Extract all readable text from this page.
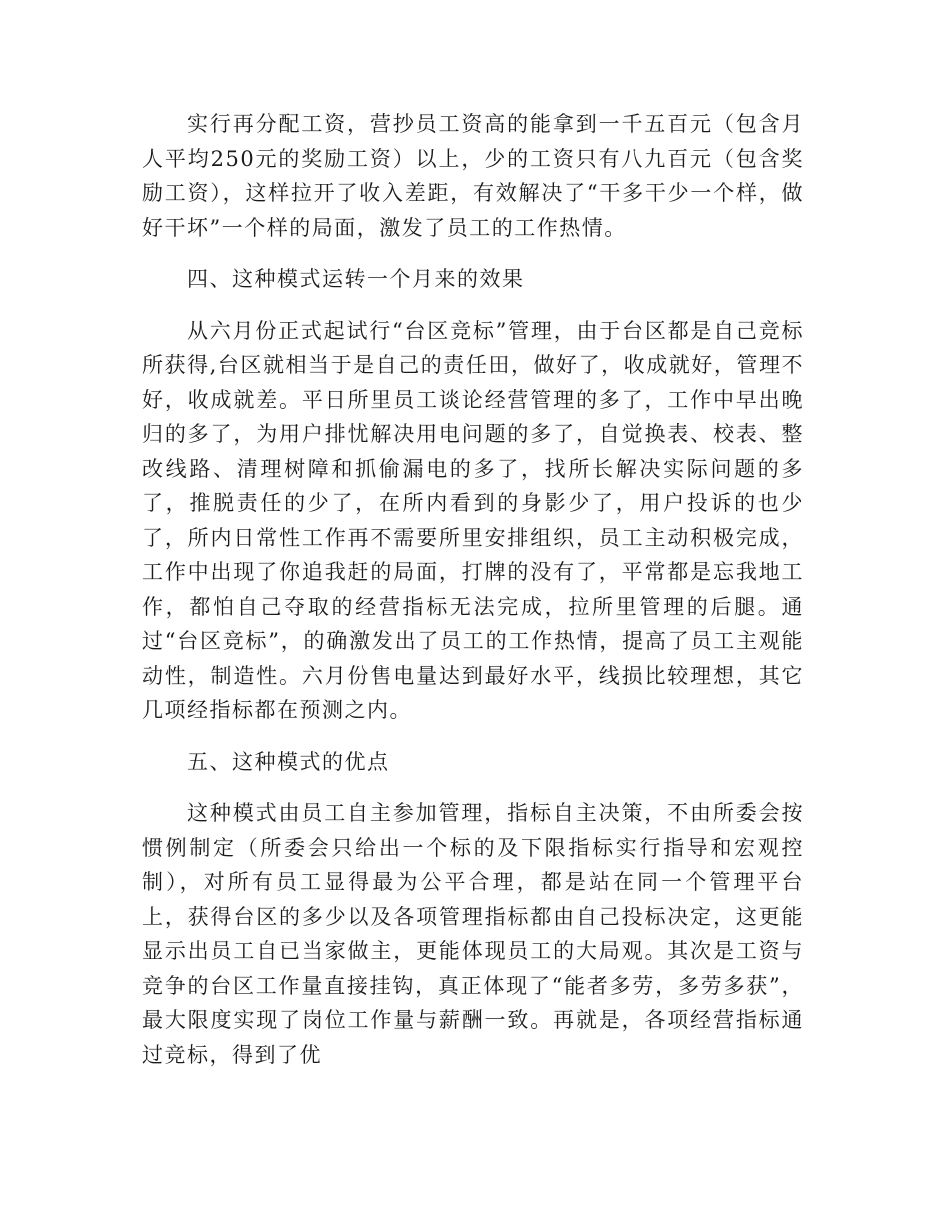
实行再分配工资，营抄员工资高的能拿到一千五百元（包含月人平均250元的奖励工资）以上，少的工资只有八九百元（包含奖励工资），这样拉开了收入差距，有效解决了“干多干少一个样，做好干坏”一个样的局面，激发了员工的工作热情。

四、这种模式运转一个月来的效果

从六月份正式起试行“台区竞标”管理，由于台区都是自己竞标所获得,台区就相当于是自己的责任田，做好了，收成就好，管理不好，收成就差。平日所里员工谈论经营管理的多了，工作中早出晚归的多了，为用户排忧解决用电问题的多了，自觉换表、校表、整改线路、清理树障和抓偷漏电的多了，找所长解决实际问题的多了，推脱责任的少了，在所内看到的身影少了，用户投诉的也少了，所内日常性工作再不需要所里安排组织，员工主动积极完成，工作中出现了你追我赶的局面，打牌的没有了，平常都是忘我地工作，都怕自己夺取的经营指标无法完成，拉所里管理的后腿。通过“台区竞标”，的确激发出了员工的工作热情，提高了员工主观能动性，制造性。六月份售电量达到最好水平，线损比较理想，其它几项经指标都在预测之内。

五、这种模式的优点

这种模式由员工自主参加管理，指标自主决策，不由所委会按惯例制定（所委会只给出一个标的及下限指标实行指导和宏观控制），对所有员工显得最为公平合理，都是站在同一个管理平台上，获得台区的多少以及各项管理指标都由自己投标决定，这更能显示出员工自已当家做主，更能体现员工的大局观。其次是工资与竞争的台区工作量直接挂钩，真正体现了“能者多劳，多劳多获”，最大限度实现了岗位工作量与薪酬一致。再就是，各项经营指标通过竞标，得到了优
